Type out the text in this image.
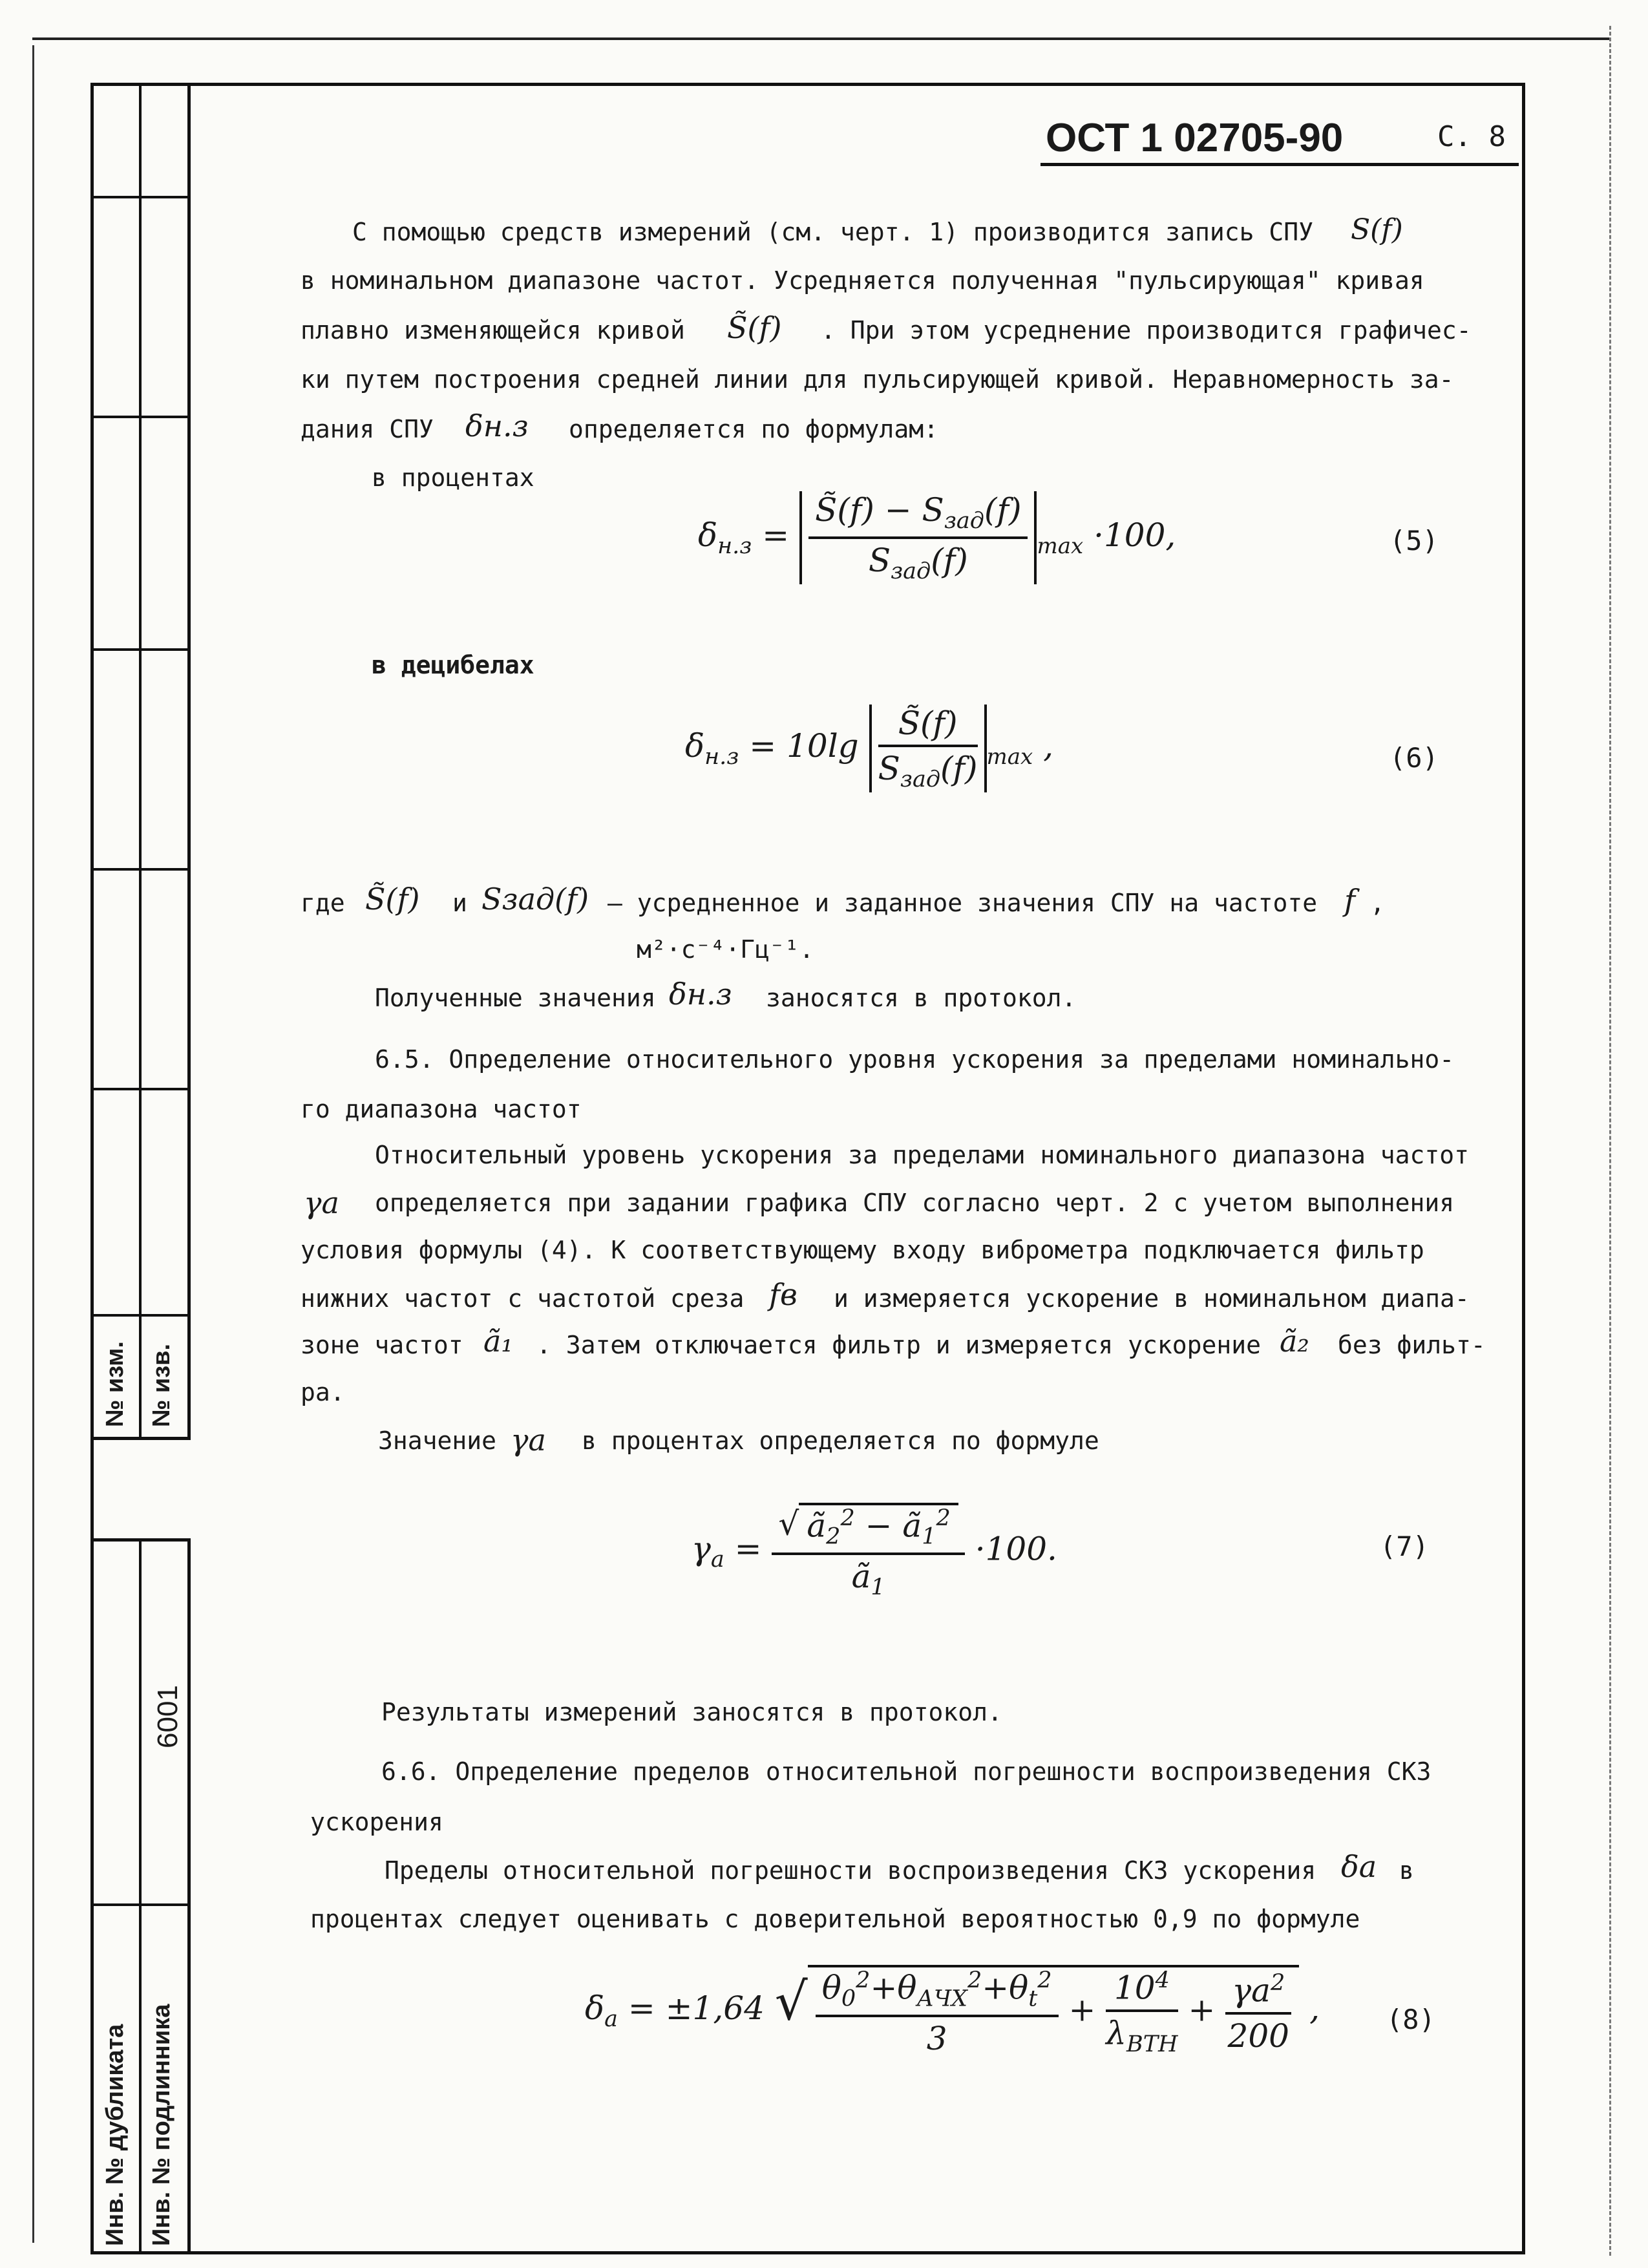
№ изм. № изв.
6001
Инв. № дубликата Инв. № подлинника
ОСТ 1 02705-90	С. 8
С помощью средств измерений (см. черт. 1) производится запись СПУ S(f)
в номинальном диапазоне частот. Усредняется полученная "пульсирующая" кривая
плавно изменяющейся кривой S̃(f) . При этом усреднение производится графичес-
ки путем построения средней линии для пульсирующей кривой. Неравномерность за-
дания СПУ δн.з определяется по формулам:
в процентах
$\delta_{н.з} = \frac{S̃(f) - S_{зад}(f)}{S_{зад}(f)} _{max} \cdot 100$,	(5)
в децибелах
$\delta_{н.з} = 10\lg \frac{S̃(f)}{S_{зад}(f)} _{max}$ ,	(6)
где S̃(f) и Sзад(f) – усредненное и заданное значения СПУ на частоте f ,
м²·с⁻⁴·Гц⁻¹.
Полученные значения δн.з заносятся в протокол.
6.5. Определение относительного уровня ускорения за пределами номинально-
го диапазона частот
Относительный уровень ускорения за пределами номинального диапазона частот
γa определяется при задании графика СПУ согласно черт. 2 с учетом выполнения
условия формулы (4). К соответствующему входу виброметра подключается фильтр
нижних частот с частотой среза fв и измеряется ускорение в номинальном диапа-
зоне частот ã₁ . Затем отключается фильтр и измеряется ускорение ã₂ без фильт-
ра.
Значение γa в процентах определяется по формуле
$\gamma_a = \frac{√ ã_2^2 - ã_1^2}{ã_1} \cdot 100$.	(7)
Результаты измерений заносятся в протокол.
6.6. Определение пределов относительной погрешности воспроизведения СКЗ
ускорения
Пределы относительной погрешности воспроизведения СКЗ ускорения δa в
процентах следует оценивать с доверительной вероятностью 0,9 по формуле
$\delta_a = \pm 1,64$ √ $\frac{\theta_0^2+\theta_{АЧХ}^2+\theta_t^2}{3} + \frac{10^4}{\lambda_{ВТН}} + \frac{\gamma a^2}{200}$ , (8)
